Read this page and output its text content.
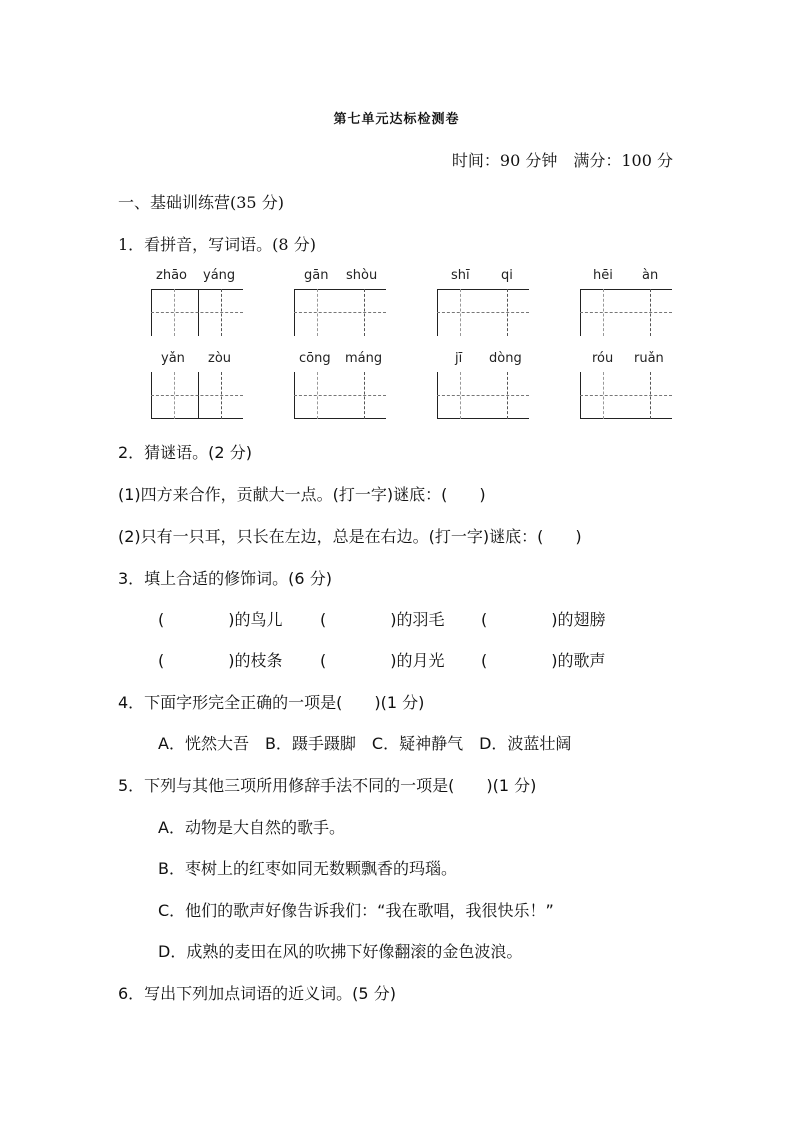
第七单元达标检测卷
时间：90 分钟　满分：100 分
一、基础训练营(35 分)
1．看拼音，写词语。(8 分)
zhāo yáng	gān shòu	shī qi	hēi àn
yǎn zòu	cōng máng	jī dòng	róu ruǎn
2．猜谜语。(2 分)
(1)四方来合作，贡献大一点。(打一字)谜底：(　　)
(2)只有一只耳，只长在左边，总是在右边。(打一字)谜底：(　　)
3．填上合适的修饰词。(6 分)
(　　　　)的鸟儿 (　　　　)的羽毛 (　　　　)的翅膀
(　　　　)的枝条 (　　　　)的月光 (　　　　)的歌声
4．下面字形完全正确的一项是(　　)(1 分)
A．恍然大吾　B．蹑手蹑脚　C．疑神静气　D．波蓝壮阔
5．下列与其他三项所用修辞手法不同的一项是(　　)(1 分)
A．动物是大自然的歌手。
B．枣树上的红枣如同无数颗飘香的玛瑙。
C．他们的歌声好像告诉我们：“我在歌唱，我很快乐！”
D．成熟的麦田在风的吹拂下好像翻滚的金色波浪。
6．写出下列加点词语的近义词。(5 分)
